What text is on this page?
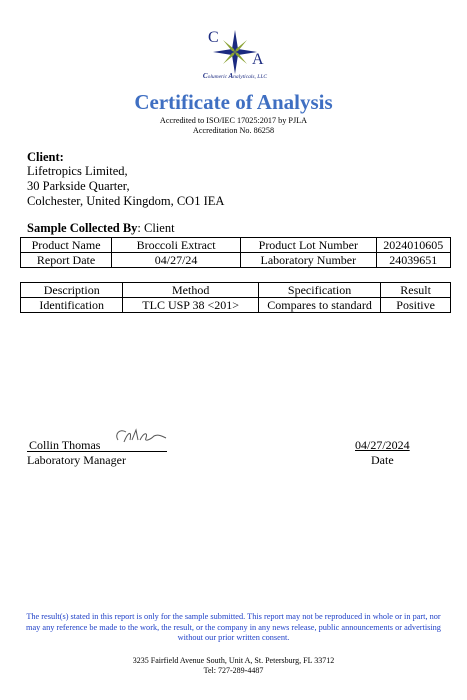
C
A
Columeric Analyticals, LLC
Certificate of Analysis
Accredited to ISO/IEC 17025:2017 by PJLA
Accreditation No. 86258
Client:
Lifetropics Limited,
30 Parkside Quarter,
Colchester, United Kingdom, CO1 IEA
Sample Collected By: Client
Product Name	Broccoli Extract	Product Lot Number	2024010605
Report Date	04/27/24	Laboratory Number	24039651
Description	Method	Specification	Result
Identification	TLC USP 38 <201>	Compares to standard	Positive
Collin Thomas
Laboratory Manager
04/27/2024
Date
The result(s) stated in this report is only for the sample submitted. This report may not be reproduced in whole or in part, nor may any reference be made to the work, the result, or the company in any news release, public announcements or advertising without our prior written consent.
3235 Fairfield Avenue South, Unit A, St. Petersburg, FL 33712
Tel: 727-289-4487
